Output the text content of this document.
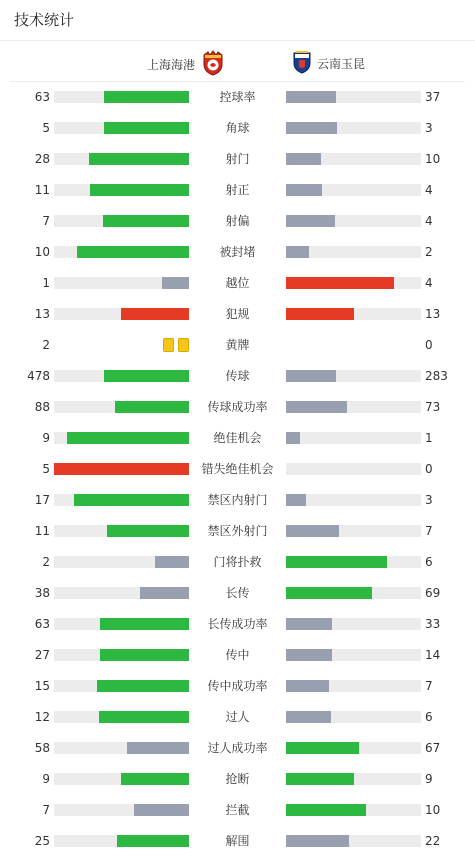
技术统计
上海海港	云南玉昆
63	控球率	37
5	角球	3
28	射门	10
11	射正	4
7	射偏	4
10	被封堵	2
1	越位	4
13	犯规	13
2	黄牌	0
478	传球	283
88	传球成功率	73
9	绝佳机会	1
5	错失绝佳机会	0
17	禁区内射门	3
11	禁区外射门	7
2	门将扑救	6
38	长传	69
63	长传成功率	33
27	传中	14
15	传中成功率	7
12	过人	6
58	过人成功率	67
9	抢断	9
7	拦截	10
25	解围	22
